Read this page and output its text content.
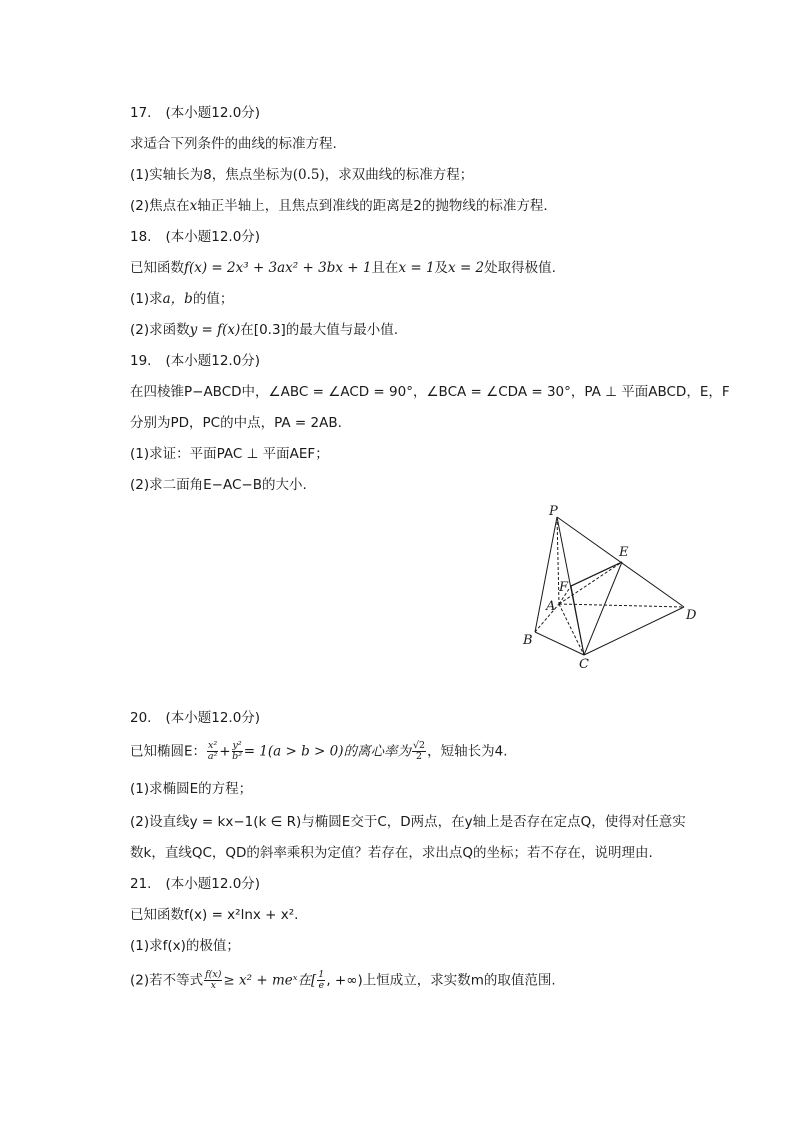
17. (本小题12.0分)
求适合下列条件的曲线的标准方程.
(1)实轴长为8，焦点坐标为(0.5)，求双曲线的标准方程；
(2)焦点在x轴正半轴上，且焦点到准线的距离是2的抛物线的标准方程.
18. (本小题12.0分)
已知函数f(x) = 2x³ + 3ax² + 3bx + 1且在x = 1及x = 2处取得极值.
(1)求a，b的值；
(2)求函数y = f(x)在[0.3]的最大值与最小值.
19. (本小题12.0分)
在四棱锥P−ABCD中，∠ABC = ∠ACD = 90°，∠BCA = ∠CDA = 30°，PA ⊥ 平面ABCD，E，F
分别为PD，PC的中点，PA = 2AB.
(1)求证：平面PAC ⊥ 平面AEF；
(2)求二面角E−AC−B的大小.
P
E
F
A
D
B
C
20. (本小题12.0分)
已知椭圆E： $\frac{\text{x²}}{\text{a²}} + \frac{\text{y²}}{\text{b²}} = 1(a > b > 0)$的离心率为 $\frac{√2}{2}$ ，短轴长为4.
(1)求椭圆E的方程；
(2)设直线y = kx−1(k ∈ R)与椭圆E交于C，D两点，在y轴上是否存在定点Q，使得对任意实
数k，直线QC，QD的斜率乘积为定值？若存在，求出点Q的坐标；若不存在，说明理由.
21. (本小题12.0分)
已知函数f(x) = x²lnx + x².
(1)求f(x)的极值；
(2)若不等式 $\frac{f(x)}{x} \ge x^2$ + meˣ在[ $\frac{1}{e}$ , +∞)上恒成立，求实数m的取值范围.
